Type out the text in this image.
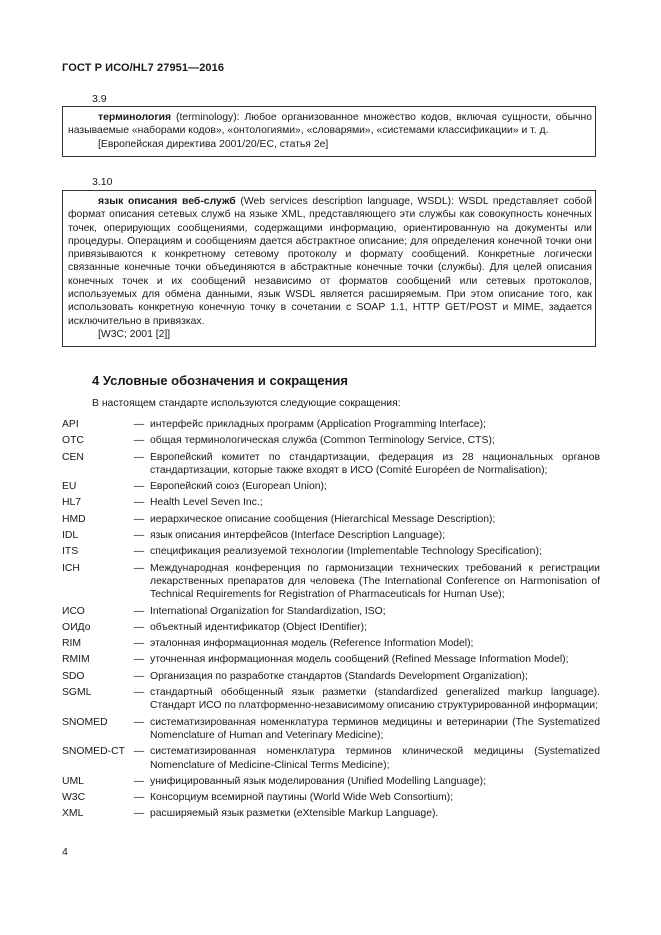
ГОСТ Р ИСО/HL7 27951—2016
3.9

терминология (terminology): Любое организованное множество кодов, включая сущности, обычно называемые «наборами кодов», «онтологиями», «словарями», «системами классификации» и т. д.

[Европейская директива 2001/20/ЕС, статья 2е]

3.10

язык описания веб-служб (Web services description language, WSDL): WSDL представляет собой формат описания сетевых служб на языке XML, представляющего эти службы как совокупность конечных точек, оперирующих сообщениями, содержащими информацию, ориентированную на документы или процедуры. Операциям и сообщениям дается абстрактное описание; для определения конечной точки они привязываются к конкретному сетевому протоколу и формату сообщений. Конкретные логически связанные конечные точки объединяются в абстрактные конечные точки (службы). Для целей описания конечных точек и их сообщений независимо от форматов сообщений или сетевых протоколов, используемых для обмена данными, язык WSDL является расширяемым. При этом описание того, как использовать конкретную конечную точку в сочетании с SOAP 1.1, HTTP GET/POST и MIME, задается исключительно в привязках.

[W3C; 2001 [2]]

4 Условные обозначения и сокращения
В настоящем стандарте используются следующие сокращения:
API	— интерфейс прикладных программ (Application Programming Interface);
ОТС	— общая терминологическая служба (Common Terminology Service, CTS);
CEN	— Европейский комитет по стандартизации, федерация из 28 национальных органов стандартизации, которые также входят в ИСО (Comité Européen de Normalisation);
EU	— Европейский союз (European Union);
HL7	— Health Level Seven Inc.;
HMD	— иерархическое описание сообщения (Hierarchical Message Description);
IDL	— язык описания интерфейсов (Interface Description Language);
ITS	— спецификация реализуемой технологии (Implementable Technology Specification);
ICH	— Международная конференция по гармонизации технических требований к регистрации лекарственных препаратов для человека (The International Conference on Harmonisation of Technical Requirements for Registration of Pharmaceuticals for Human Use);
ИСО	— International Organization for Standardization, ISO;
ОИДо	— объектный идентификатор (Object IDentifier);
RIM	— эталонная информационная модель (Reference Information Model);
RMIM	— уточненная информационная модель сообщений (Refined Message Information Model);
SDO	— Организация по разработке стандартов (Standards Development Organization);
SGML	— стандартный обобщенный язык разметки (standardized generalized markup language). Стандарт ИСО по платформенно-независимому описанию структурированной информации;
SNOMED	— систематизированная номенклатура терминов медицины и ветеринарии (The Systematized Nomenclature of Human and Veterinary Medicine);
SNOMED-CT — систематизированная номенклатура терминов клинической медицины (Systematized Nomenclature of Medicine-Clinical Terms Medicine);
UML	— унифицированный язык моделирования (Unified Modelling Language);
W3C	— Консорциум всемирной паутины (World Wide Web Consortium);
XML	— расширяемый язык разметки (eXtensible Markup Language).
4
